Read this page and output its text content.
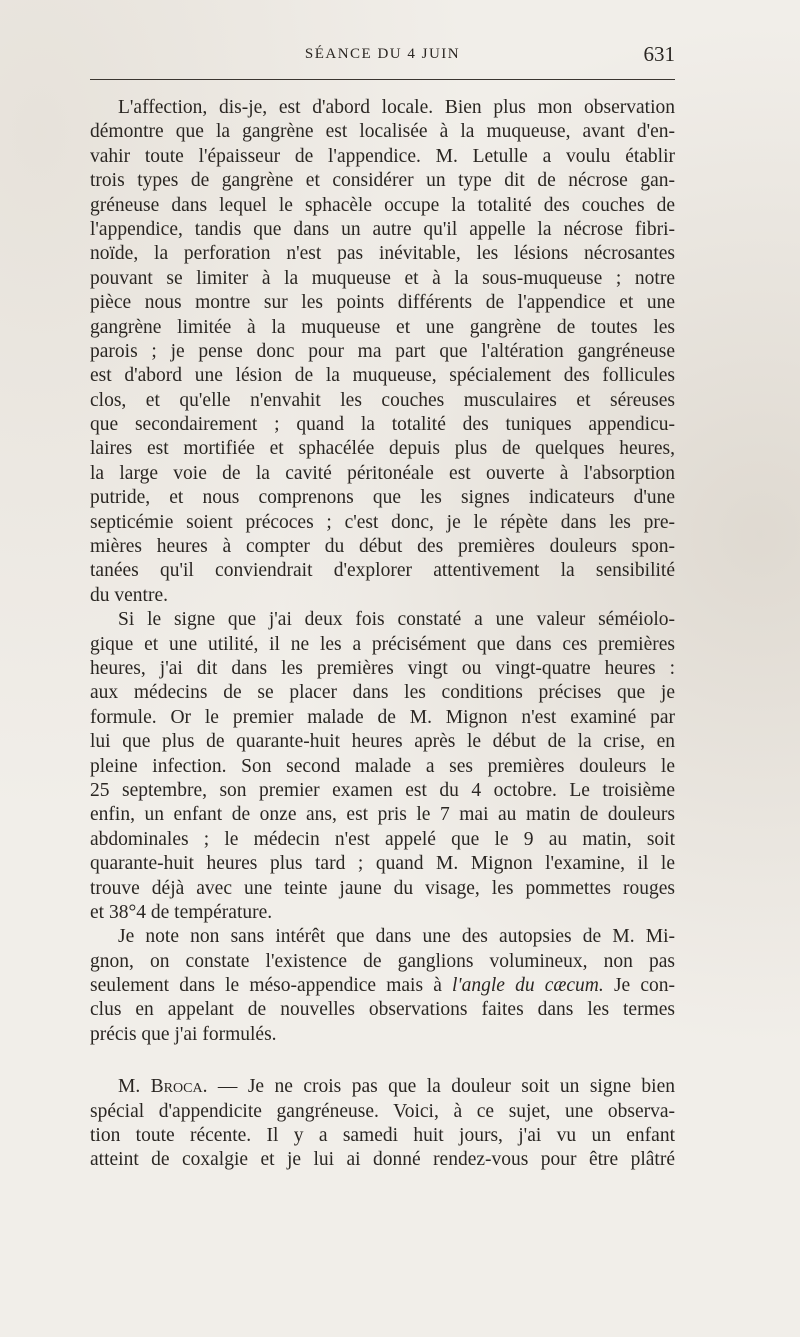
SÉANCE DU 4 JUIN	631
L'affection, dis-je, est d'abord locale. Bien plus mon observation
démontre que la gangrène est localisée à la muqueuse, avant d'en-
vahir toute l'épaisseur de l'appendice. M. Letulle a voulu établir
trois types de gangrène et considérer un type dit de nécrose gan-
gréneuse dans lequel le sphacèle occupe la totalité des couches de
l'appendice, tandis que dans un autre qu'il appelle la nécrose fibri-
noïde, la perforation n'est pas inévitable, les lésions nécrosantes
pouvant se limiter à la muqueuse et à la sous-muqueuse ; notre
pièce nous montre sur les points différents de l'appendice et une
gangrène limitée à la muqueuse et une gangrène de toutes les
parois ; je pense donc pour ma part que l'altération gangréneuse
est d'abord une lésion de la muqueuse, spécialement des follicules
clos, et qu'elle n'envahit les couches musculaires et séreuses
que secondairement ; quand la totalité des tuniques appendicu-
laires est mortifiée et sphacélée depuis plus de quelques heures,
la large voie de la cavité péritonéale est ouverte à l'absorption
putride, et nous comprenons que les signes indicateurs d'une
septicémie soient précoces ; c'est donc, je le répète dans les pre-
mières heures à compter du début des premières douleurs spon-
tanées qu'il conviendrait d'explorer attentivement la sensibilité
du ventre.
Si le signe que j'ai deux fois constaté a une valeur séméiolo-
gique et une utilité, il ne les a précisément que dans ces premières
heures, j'ai dit dans les premières vingt ou vingt-quatre heures :
aux médecins de se placer dans les conditions précises que je
formule. Or le premier malade de M. Mignon n'est examiné par
lui que plus de quarante-huit heures après le début de la crise, en
pleine infection. Son second malade a ses premières douleurs le
25 septembre, son premier examen est du 4 octobre. Le troisième
enfin, un enfant de onze ans, est pris le 7 mai au matin de douleurs
abdominales ; le médecin n'est appelé que le 9 au matin, soit
quarante-huit heures plus tard ; quand M. Mignon l'examine, il le
trouve déjà avec une teinte jaune du visage, les pommettes rouges
et 38°4 de température.
Je note non sans intérêt que dans une des autopsies de M. Mi-
gnon, on constate l'existence de ganglions volumineux, non pas
seulement dans le méso-appendice mais à l'angle du cæcum. Je con-
clus en appelant de nouvelles observations faites dans les termes
précis que j'ai formulés.
M. Broca. — Je ne crois pas que la douleur soit un signe bien
spécial d'appendicite gangréneuse. Voici, à ce sujet, une observa-
tion toute récente. Il y a samedi huit jours, j'ai vu un enfant
atteint de coxalgie et je lui ai donné rendez-vous pour être plâtré
